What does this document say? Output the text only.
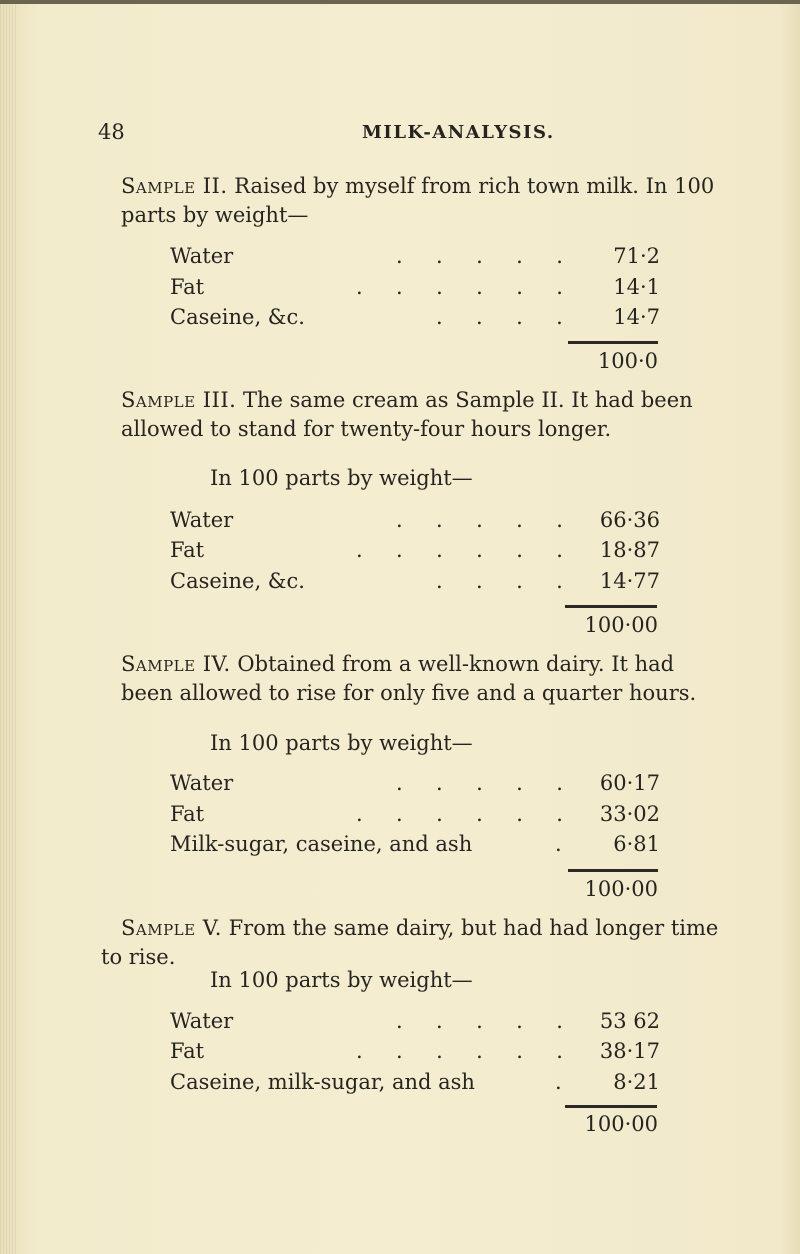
48	MILK-ANALYSIS.
Sample II. Raised by myself from rich town milk. In 100
parts by weight—
Water	.     .     .     .     . 71·2
Fat	.     .     .     .     .     . 14·1
Caseine, &c.	.     .     .     . 14·7
100·0
Sample III. The same cream as Sample II. It had been
allowed to stand for twenty-four hours longer.
In 100 parts by weight—
Water	.     .     .     .     . 66·36
Fat	.     .     .     .     .     . 18·87
Caseine, &c.	.     .     .     . 14·77
100·00
Sample IV. Obtained from a well-known dairy. It had
been allowed to rise for only five and a quarter hours.
In 100 parts by weight—
Water	.     .     .     .     . 60·17
Fat	.     .     .     .     .     . 33·02
Milk-sugar, caseine, and ash	. 6·81
100·00
Sample V. From the same dairy, but had had longer time
to rise.
In 100 parts by weight—
Water	.     .     .     .     . 53 62
Fat	.     .     .     .     .     . 38·17
Caseine, milk-sugar, and ash	. 8·21
100·00
